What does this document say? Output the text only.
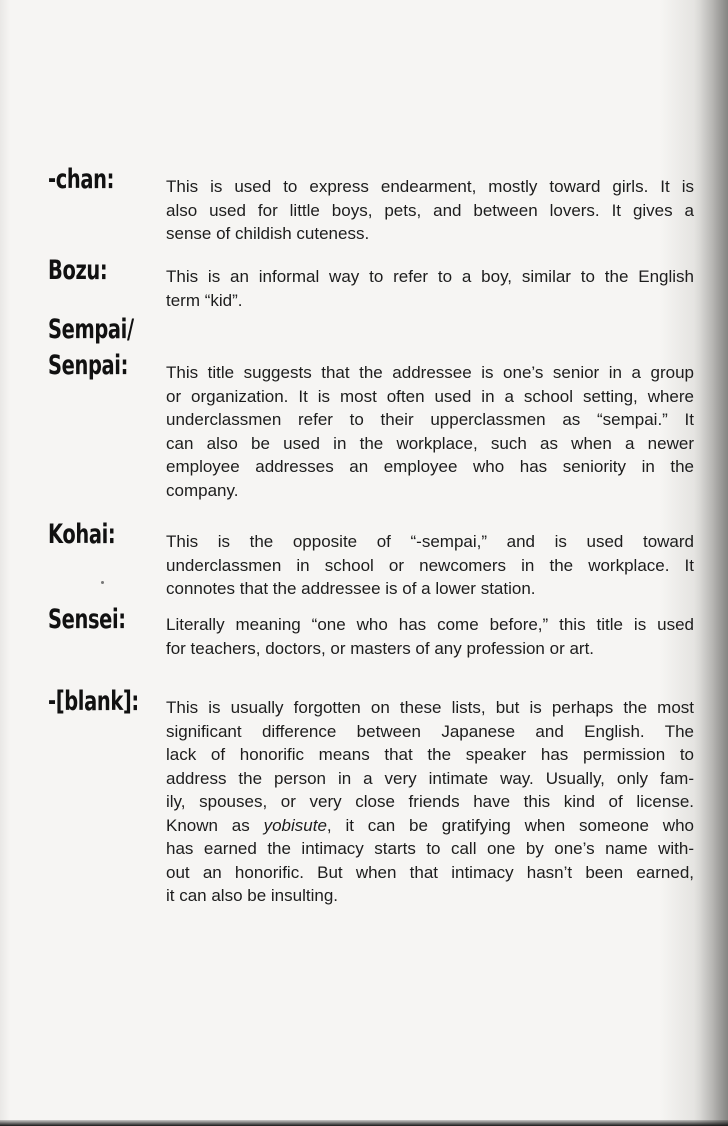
-chan:	This is used to express endearment, mostly toward girls. It is
also used for little boys, pets, and between lovers. It gives a
sense of childish cuteness.
Bozu:	This is an informal way to refer to a boy, similar to the English
term “kid”.
Sempai/
Senpai: This title suggests that the addressee is one’s senior in a group
or organization. It is most often used in a school setting, where
underclassmen refer to their upperclassmen as “sempai.” It
can also be used in the workplace, such as when a newer
employee addresses an employee who has seniority in the
company.
Kohai:	This is the opposite of “-sempai,” and is used toward
underclassmen in school or newcomers in the workplace. It
connotes that the addressee is of a lower station.
Sensei: Literally meaning “one who has come before,” this title is used
for teachers, doctors, or masters of any profession or art.
-[blank]: This is usually forgotten on these lists, but is perhaps the most
significant difference between Japanese and English. The
lack of honorific means that the speaker has permission to
address the person in a very intimate way. Usually, only fam-
ily, spouses, or very close friends have this kind of license.
Known as yobisute, it can be gratifying when someone who
has earned the intimacy starts to call one by one’s name with-
out an honorific. But when that intimacy hasn’t been earned,
it can also be insulting.
